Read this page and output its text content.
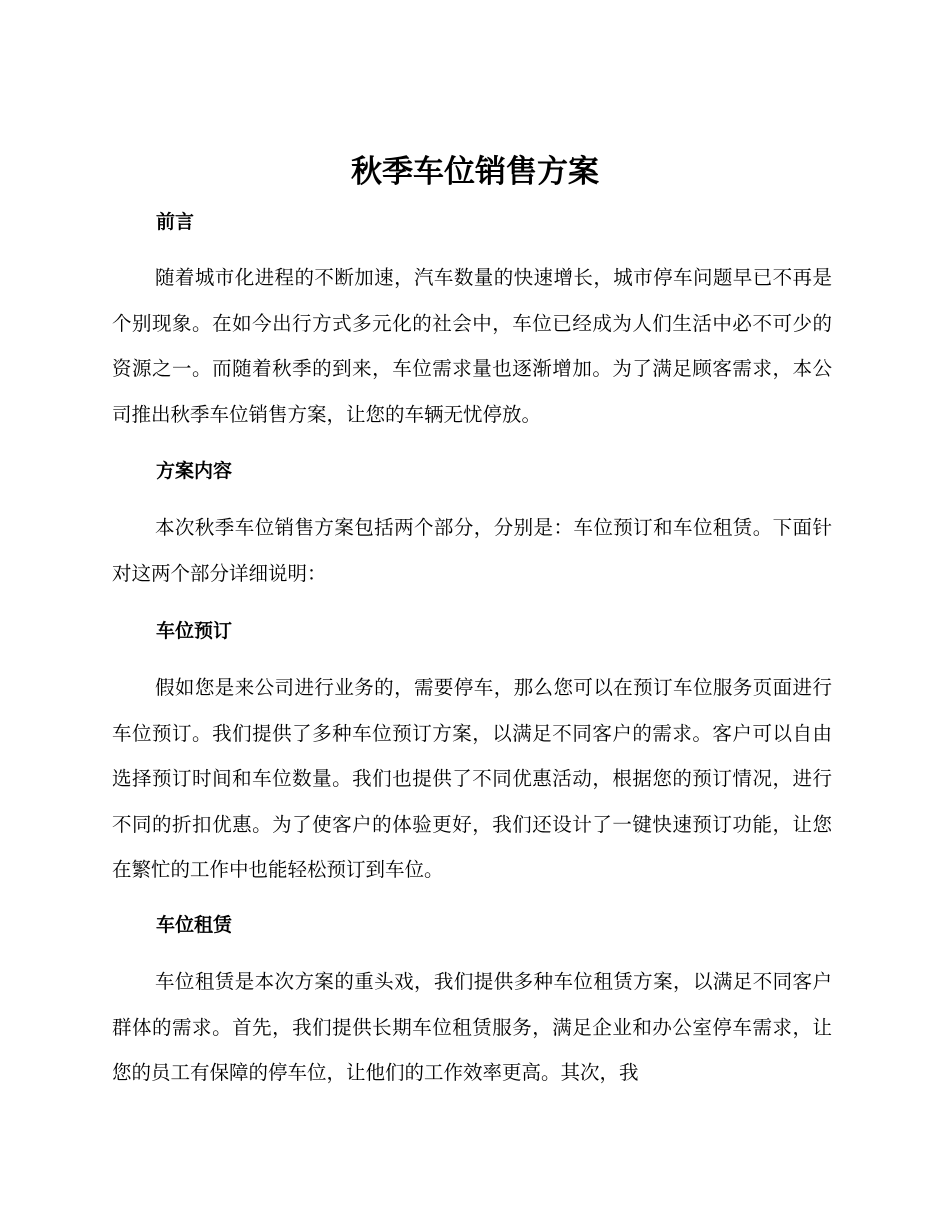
秋季车位销售方案
前言

随着城市化进程的不断加速，汽车数量的快速增长，城市停车问题早已不再是个别现象。在如今出行方式多元化的社会中，车位已经成为人们生活中必不可少的资源之一。而随着秋季的到来，车位需求量也逐渐增加。为了满足顾客需求，本公司推出秋季车位销售方案，让您的车辆无忧停放。

方案内容

本次秋季车位销售方案包括两个部分，分别是：车位预订和车位租赁。下面针对这两个部分详细说明：

车位预订

假如您是来公司进行业务的，需要停车，那么您可以在预订车位服务页面进行车位预订。我们提供了多种车位预订方案，以满足不同客户的需求。客户可以自由选择预订时间和车位数量。我们也提供了不同优惠活动，根据您的预订情况，进行不同的折扣优惠。为了使客户的体验更好，我们还设计了一键快速预订功能，让您在繁忙的工作中也能轻松预订到车位。

车位租赁

车位租赁是本次方案的重头戏，我们提供多种车位租赁方案，以满足不同客户群体的需求。首先，我们提供长期车位租赁服务，满足企业和办公室停车需求，让您的员工有保障的停车位，让他们的工作效率更高。其次，我
